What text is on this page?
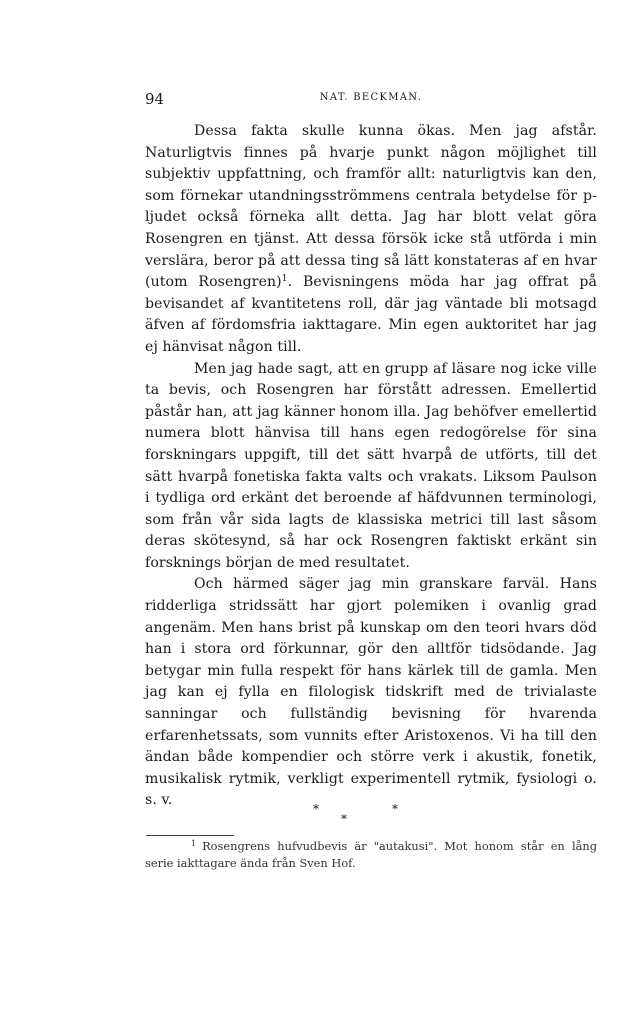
94	NAT. BECKMAN.

Dessa fakta skulle kunna ökas. Men jag afstår. Naturligtvis finnes på hvarje punkt någon möjlighet till subjektiv uppfattning, och framför allt: naturligtvis kan den, som förnekar utandningsströmmens centrala betydelse för p-ljudet också förneka allt detta. Jag har blott velat göra Rosengren en tjänst. Att dessa försök icke stå utförda i min verslära, beror på att dessa ting så lätt konstateras af en hvar (utom Rosengren)$^1$. Bevisningens möda har jag offrat på bevisandet af kvantitetens roll, där jag väntade bli motsagd äfven af fördomsfria iakttagare. Min egen auktoritet har jag ej hänvisat någon till.

Men jag hade sagt, att en grupp af läsare nog icke ville ta bevis, och Rosengren har förstått adressen. Emellertid påstår han, att jag känner honom illa. Jag behöfver emellertid numera blott hänvisa till hans egen redogörelse för sina forskningars uppgift, till det sätt hvarpå de utförts, till det sätt hvarpå fonetiska fakta valts och vrakats. Liksom Paulson i tydliga ord erkänt det beroende af häfdvunnen terminologi, som från vår sida lagts de klassiska metrici till last såsom deras skötesynd, så har ock Rosengren faktiskt erkänt sin forsknings början de med resultatet.

Och härmed säger jag min granskare farväl. Hans ridderliga stridssätt har gjort polemiken i ovanlig grad angenäm. Men hans brist på kunskap om den teori hvars död han i stora ord förkunnar, gör den alltför tidsödande. Jag betygar min fulla respekt för hans kärlek till de gamla. Men jag kan ej fylla en filologisk tidskrift med de trivialaste sanningar och fullständig bevisning för hvarenda erfarenhetssats, som vunnits efter Aristoxenos. Vi ha till den ändan både kompendier och större verk i akustik, fonetik, musikalisk rytmik, verkligt experimentell rytmik, fysiologi o. s. v.

*
*
*
$^1$ Rosengrens hufvudbevis är "autakusi". Mot honom står en lång serie iakttagare ända från Sven Hof.
